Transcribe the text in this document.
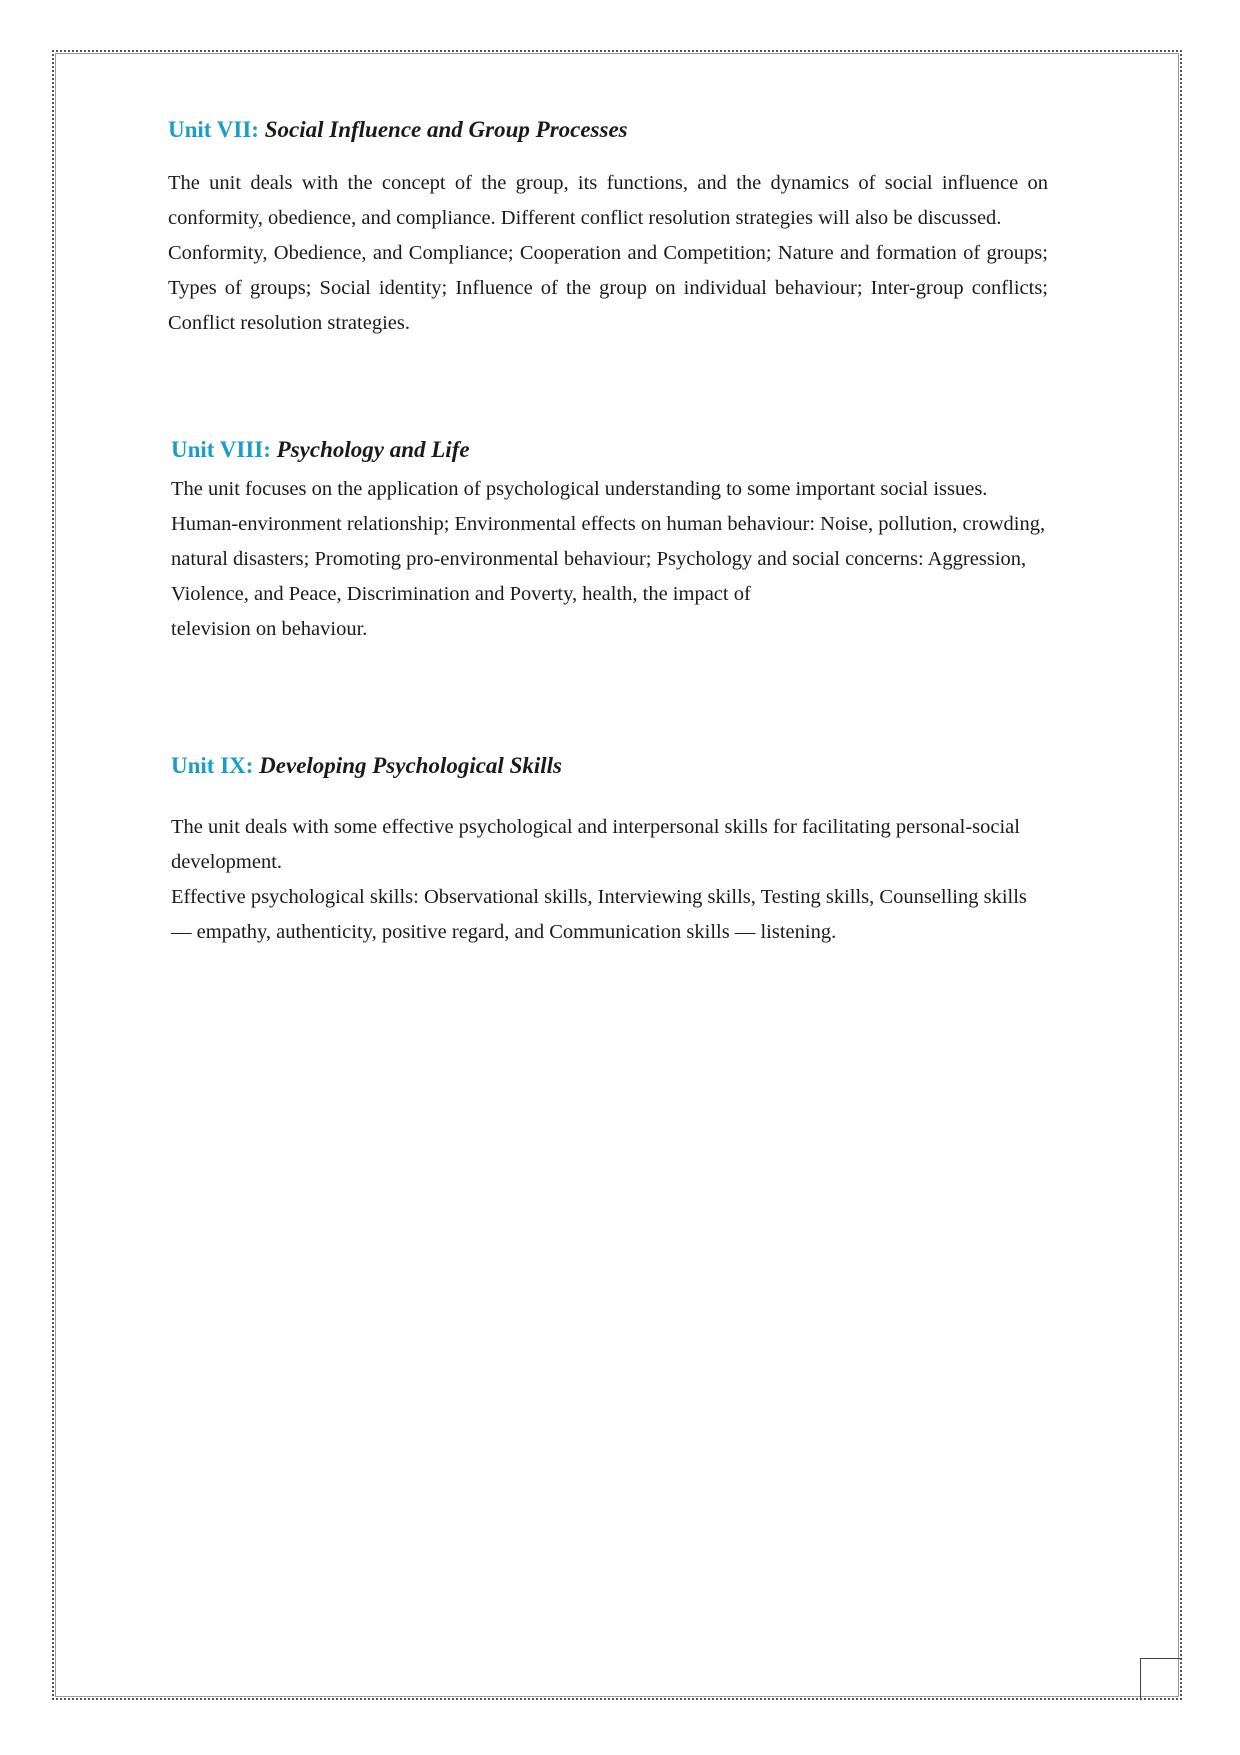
Unit VII: Social Influence and Group Processes

The unit deals with the concept of the group, its functions, and the dynamics of social influence on conformity, obedience, and compliance. Different conflict resolution strategies will also be discussed.

Conformity, Obedience, and Compliance; Cooperation and Competition; Nature and formation of groups; Types of groups; Social identity; Influence of the group on individual behaviour; Inter-group conflicts; Conflict resolution strategies.

Unit VIII: Psychology and Life

The unit focuses on the application of psychological understanding to some important social issues.

Human-environment relationship; Environmental effects on human behaviour: Noise, pollution, crowding, natural disasters; Promoting pro-environmental behaviour; Psychology and social concerns: Aggression, Violence, and Peace, Discrimination and Poverty, health, the impact of

television on behaviour.

Unit IX: Developing Psychological Skills

The unit deals with some effective psychological and interpersonal skills for facilitating personal-social development.

Effective psychological skills: Observational skills, Interviewing skills, Testing skills, Counselling skills — empathy, authenticity, positive regard, and Communication skills — listening.
